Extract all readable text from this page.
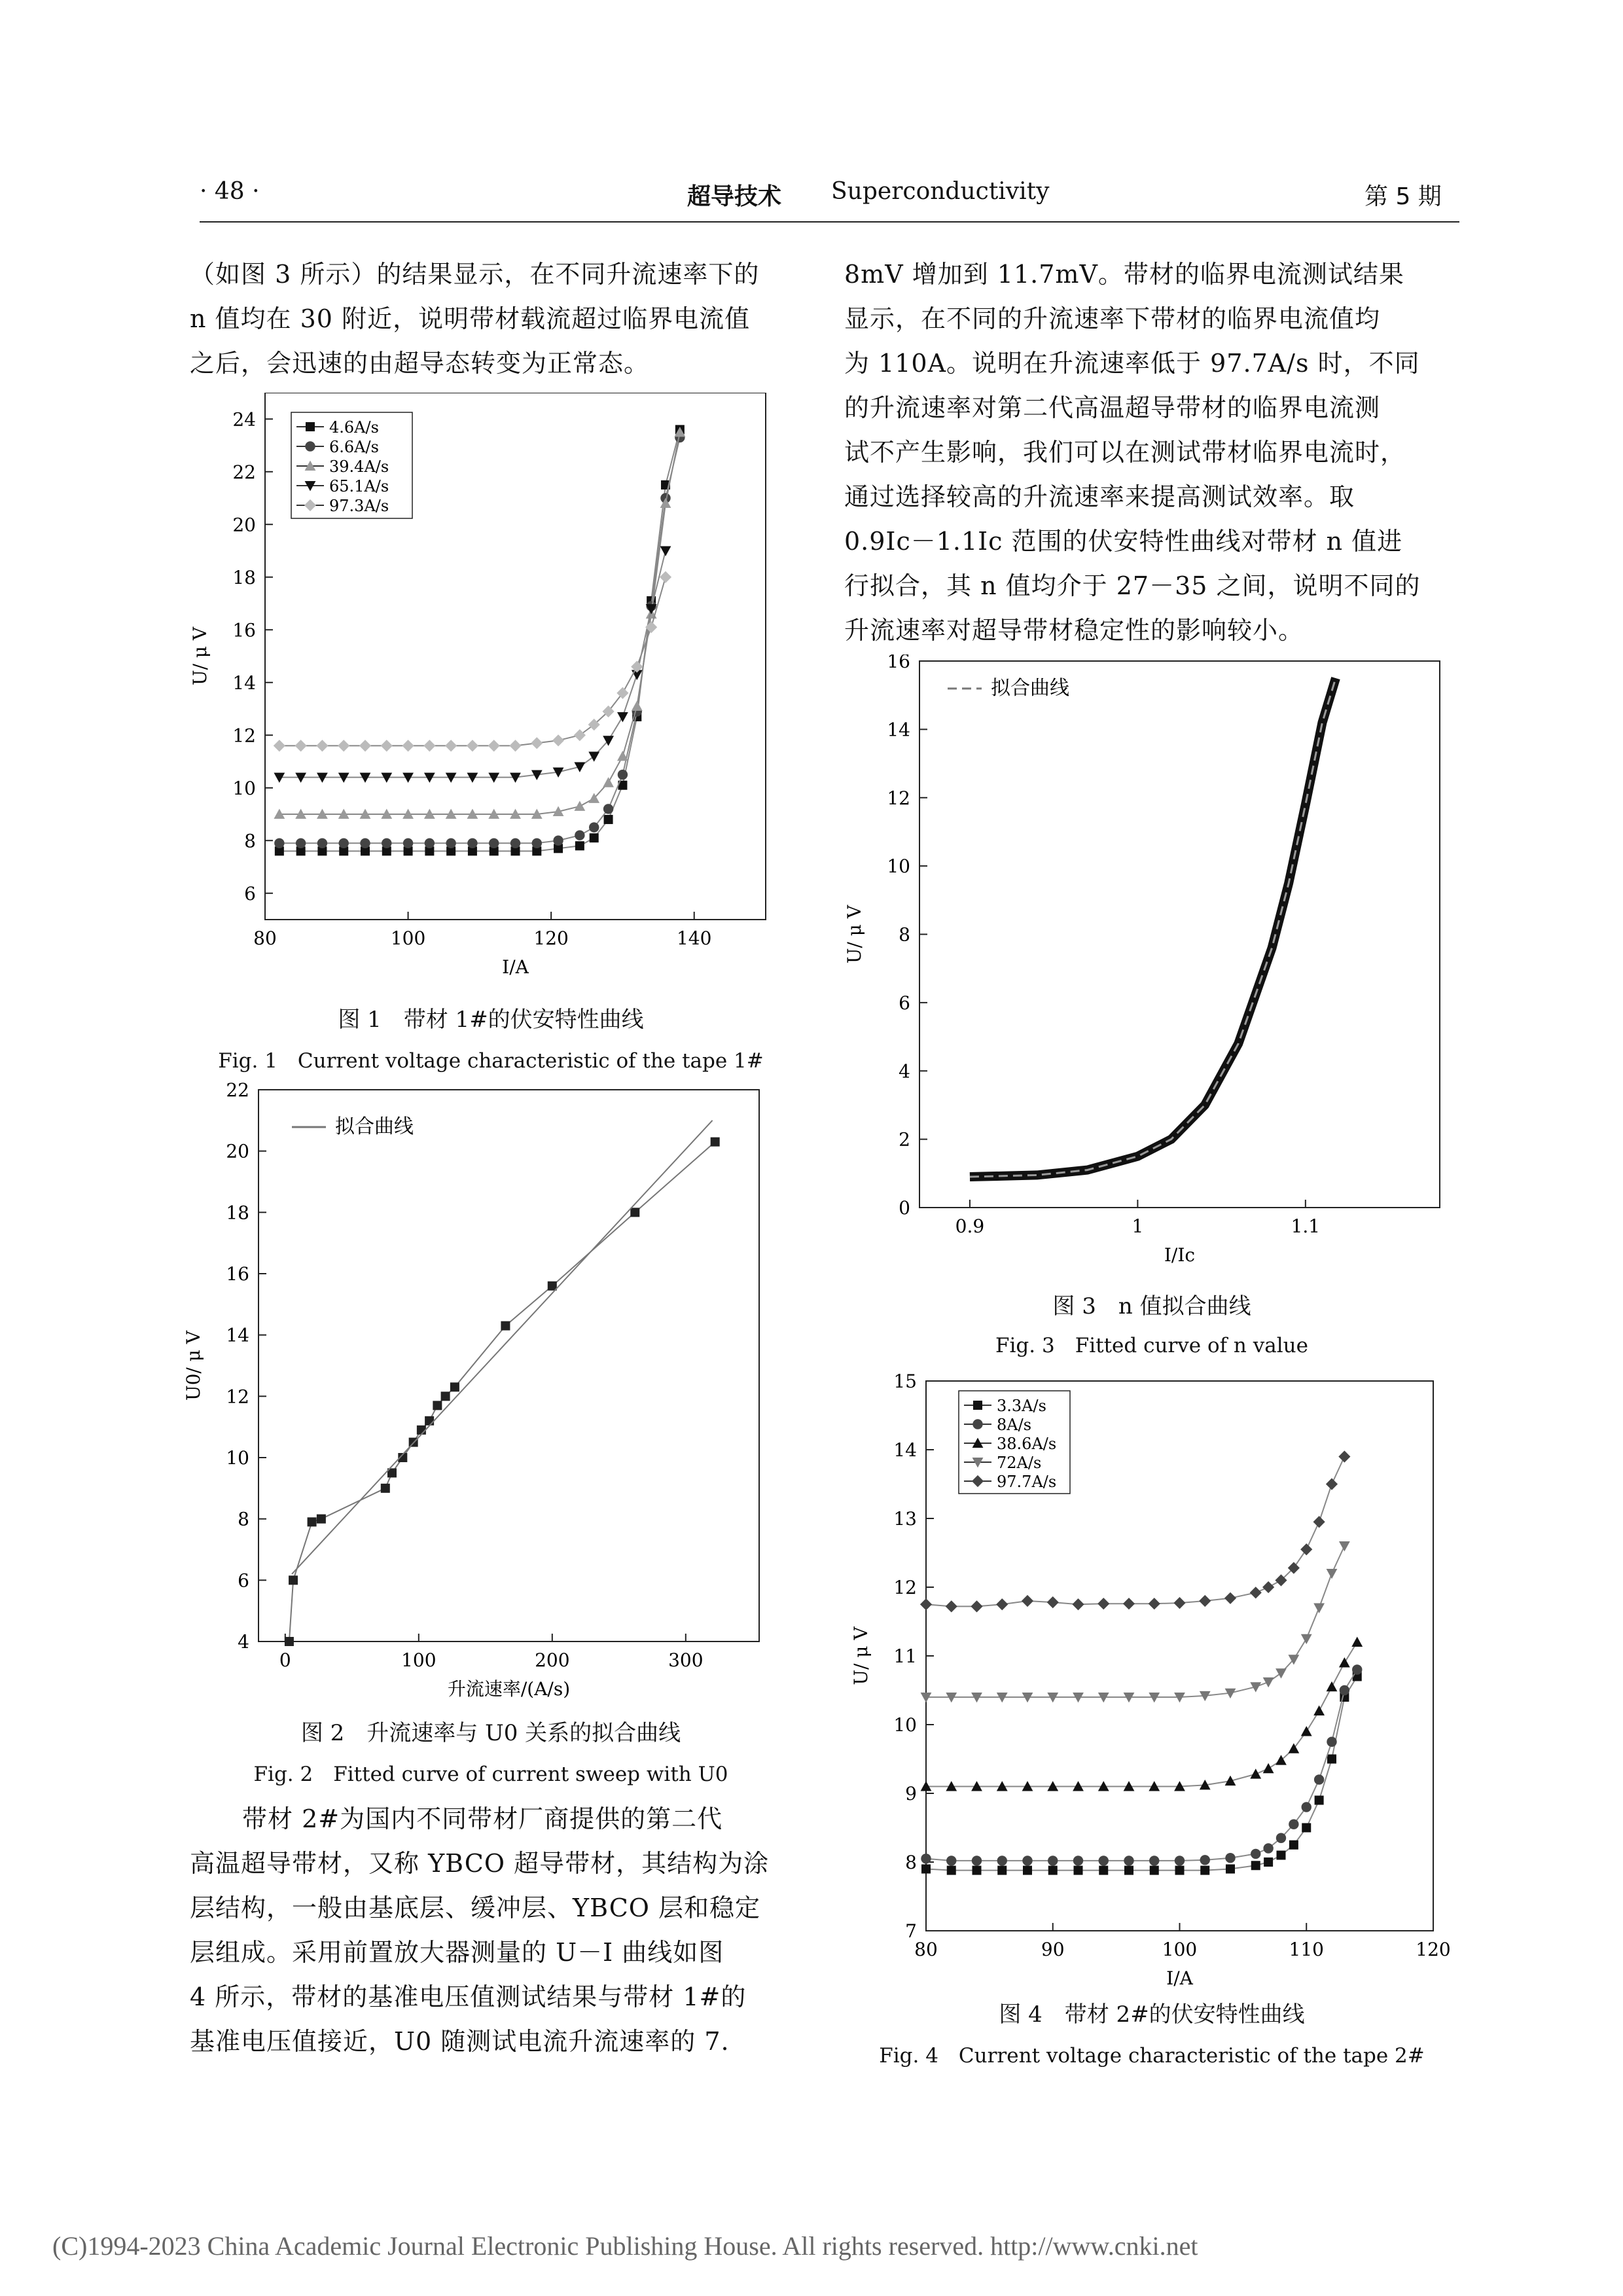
· 48 ·	超导技术 Superconductivity	第 5 期
（如图 3 所示）的结果显示，在不同升流速率下的
n 值均在 30 附近，说明带材载流超过临界电流值
之后，会迅速的由超导态转变为正常态。
8mV 增加到 11.7mV。带材的临界电流测试结果
显示，在不同的升流速率下带材的临界电流值均
为 110A。说明在升流速率低于 97.7A/s 时，不同
的升流速率对第二代高温超导带材的临界电流测
试不产生影响，我们可以在测试带材临界电流时，
通过选择较高的升流速率来提高测试效率。取
0.9Ic－1.1Ic 范围的伏安特性曲线对带材 n 值进
行拟合，其 n 值均介于 27－35 之间，说明不同的
升流速率对超导带材稳定性的影响较小。
80	100	120	140
6
8
10
12
14
16
18
20
22
24
I/A
U/ μ V
4.6A/s
6.6A/s
39.4A/s
65.1A/s
97.3A/s
图 1　带材 1#的伏安特性曲线
Fig. 1　Current voltage characteristic of the tape 1#
0	100	200	300
4
6
8
10
12
14
16
18
20
22
升流速率/(A/s)
U0/ μ V
拟合曲线
图 2　升流速率与 U0 关系的拟合曲线
Fig. 2　Fitted curve of current sweep with U0
带材 2#为国内不同带材厂商提供的第二代
高温超导带材，又称 YBCO 超导带材，其结构为涂
层结构，一般由基底层、缓冲层、YBCO 层和稳定
层组成。采用前置放大器测量的 U－I 曲线如图
4 所示，带材的基准电压值测试结果与带材 1#的
基准电压值接近，U0 随测试电流升流速率的 7.
0.9	1	1.1
0
2
4
6
8
10
12
14
16
I/Ic
U/ μ V
拟合曲线
图 3　n 值拟合曲线
Fig. 3　Fitted curve of n value
80	90	100	110	120
7
8
9
10
11
12
13
14
15
I/A
U/ μ V
3.3A/s
8A/s
38.6A/s
72A/s
97.7A/s
图 4　带材 2#的伏安特性曲线
Fig. 4　Current voltage characteristic of the tape 2#
(C)1994-2023 China Academic Journal Electronic Publishing House. All rights reserved. http://www.cnki.net
